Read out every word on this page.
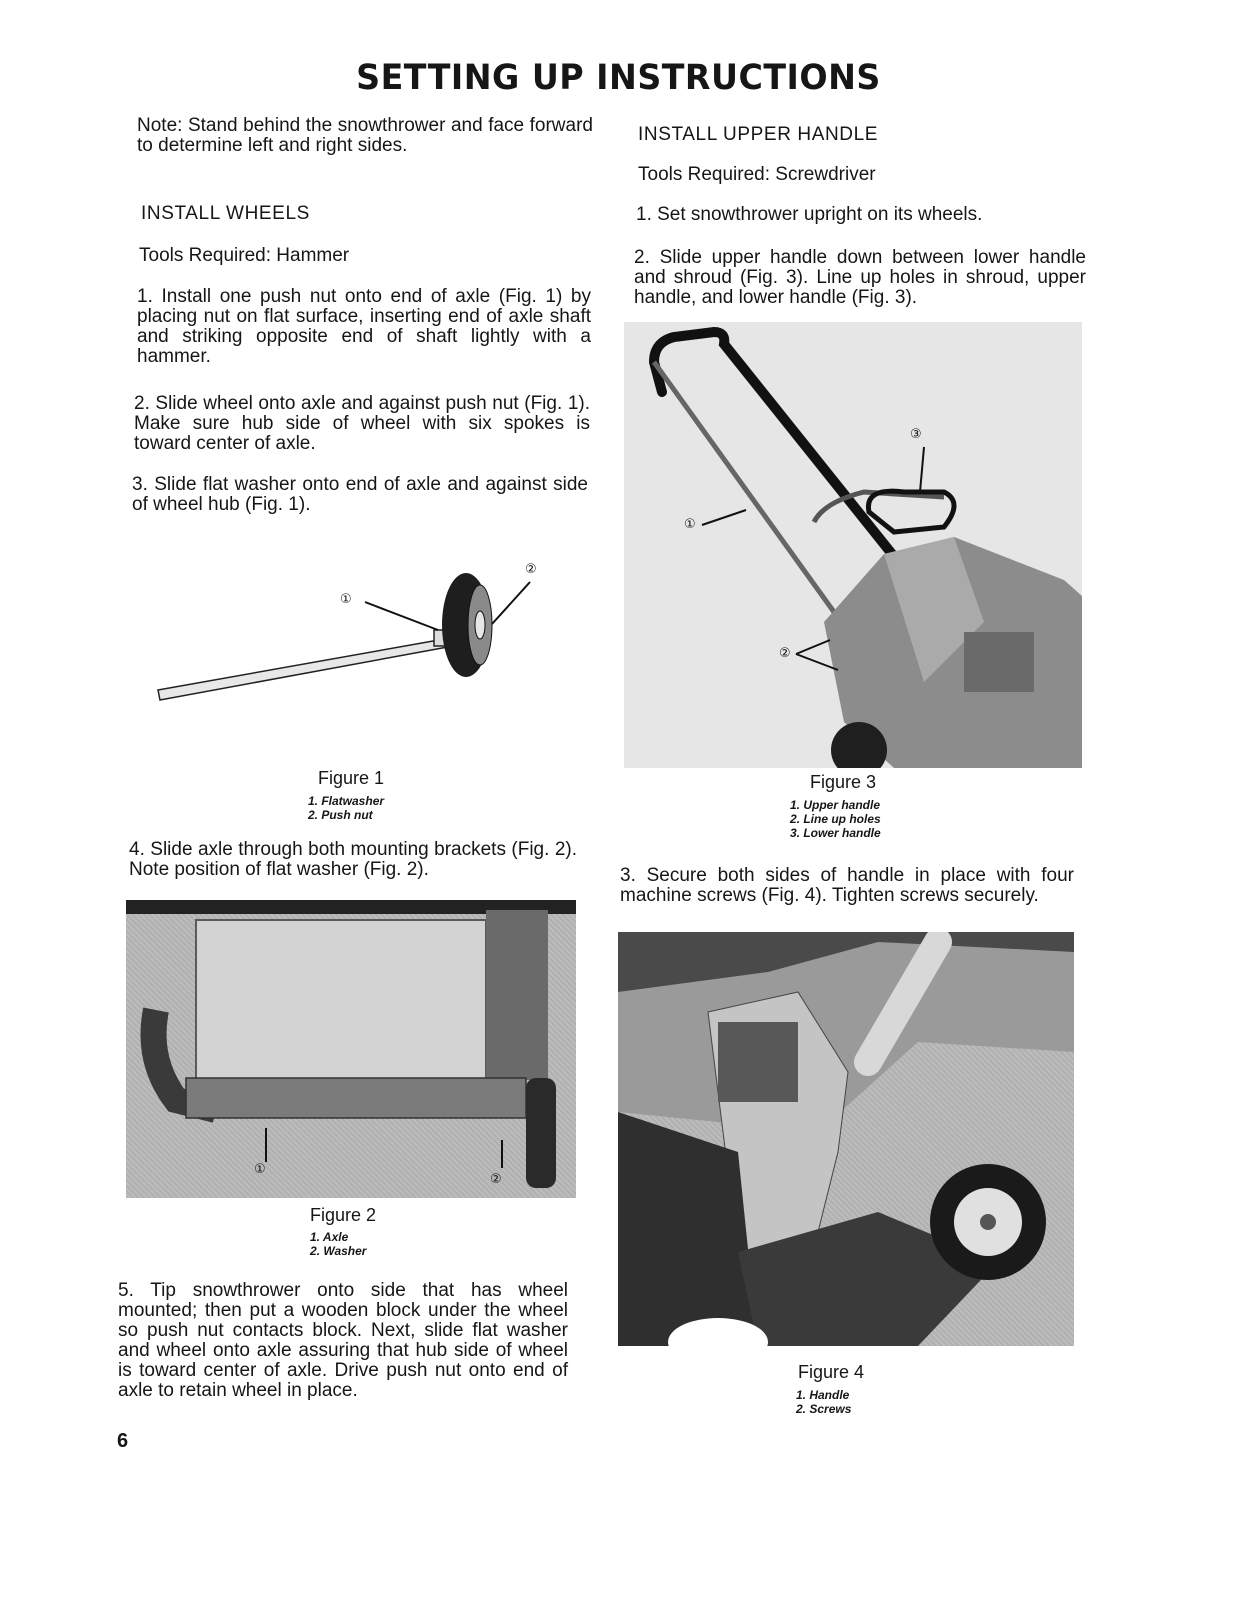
SETTING UP INSTRUCTIONS
Note: Stand behind the snowthrower and face forward to determine left and right sides.
INSTALL WHEELS
Tools Required: Hammer
1. Install one push nut onto end of axle (Fig. 1) by placing nut on flat surface, inserting end of axle shaft and striking opposite end of shaft lightly with a hammer.
2. Slide wheel onto axle and against push nut (Fig. 1). Make sure hub side of wheel with six spokes is toward center of axle.
3. Slide flat washer onto end of axle and against side of wheel hub (Fig. 1).
①
②
Figure 1
1. Flatwasher
2. Push nut
4. Slide axle through both mounting brackets (Fig. 2). Note position of flat washer (Fig. 2).
①
②
Figure 2
1. Axle
2. Washer
5. Tip snowthrower onto side that has wheel mounted; then put a wooden block under the wheel so push nut contacts block. Next, slide flat washer and wheel onto axle assuring that hub side of wheel is toward center of axle. Drive push nut onto end of axle to retain wheel in place.
6
INSTALL UPPER HANDLE
Tools Required: Screwdriver
1. Set snowthrower upright on its wheels.
2. Slide upper handle down between lower handle and shroud (Fig. 3). Line up holes in shroud, upper handle, and lower handle (Fig. 3).
①
②
③
Figure 3
1. Upper handle
2. Line up holes
3. Lower handle
3. Secure both sides of handle in place with four machine screws (Fig. 4). Tighten screws securely.
Figure 4
1. Handle
2. Screws
